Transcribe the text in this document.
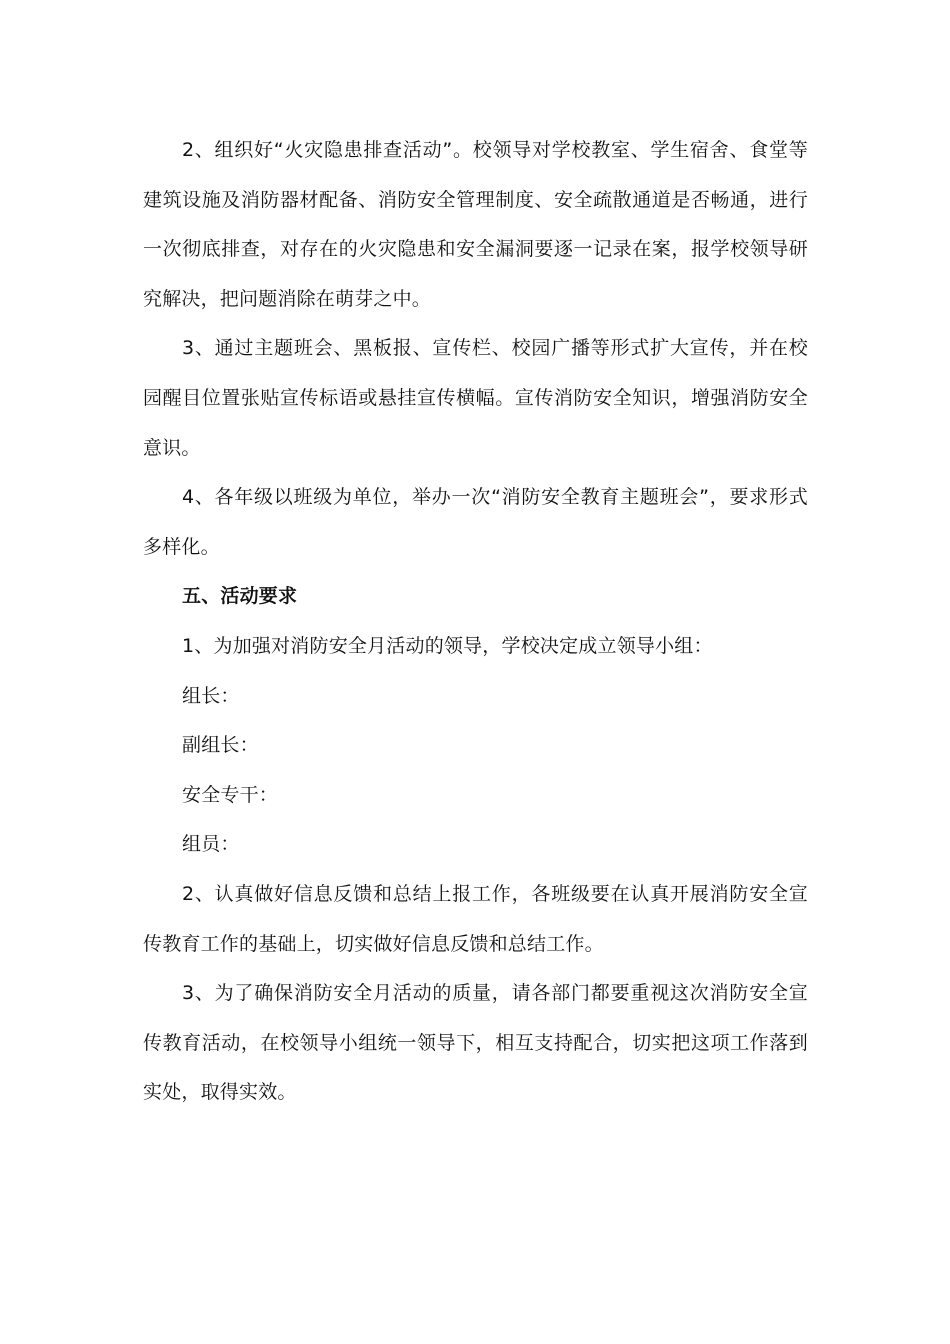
2、组织好“火灾隐患排查活动”。校领导对学校教室、学生宿舍、食堂等建筑设施及消防器材配备、消防安全管理制度、安全疏散通道是否畅通，进行一次彻底排查，对存在的火灾隐患和安全漏洞要逐一记录在案，报学校领导研究解决，把问题消除在萌芽之中。

3、通过主题班会、黑板报、宣传栏、校园广播等形式扩大宣传，并在校园醒目位置张贴宣传标语或悬挂宣传横幅。宣传消防安全知识，增强消防安全意识。

4、各年级以班级为单位，举办一次“消防安全教育主题班会”，要求形式多样化。

五、活动要求

1、为加强对消防安全月活动的领导，学校决定成立领导小组：

组长：

副组长：

安全专干：

组员：

2、认真做好信息反馈和总结上报工作，各班级要在认真开展消防安全宣传教育工作的基础上，切实做好信息反馈和总结工作。

3、为了确保消防安全月活动的质量，请各部门都要重视这次消防安全宣传教育活动，在校领导小组统一领导下，相互支持配合，切实把这项工作落到实处，取得实效。
